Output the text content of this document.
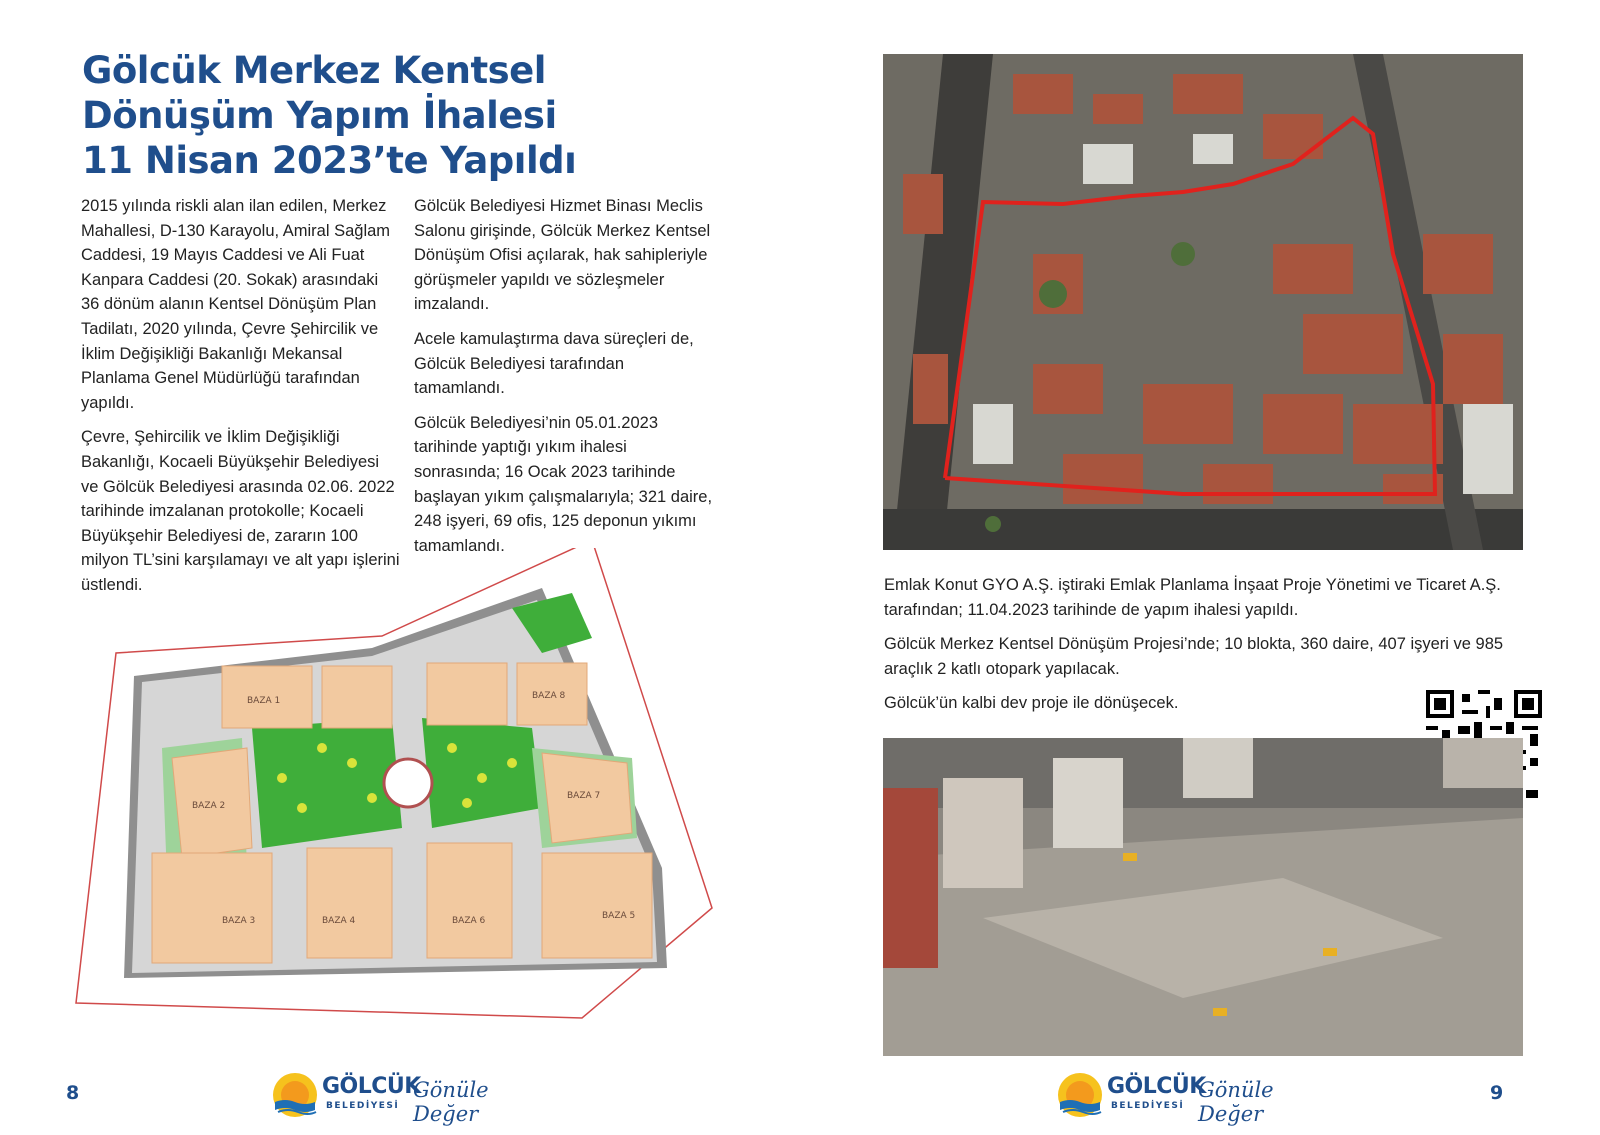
Gölcük Merkez Kentsel
Dönüşüm Yapım İhalesi
11 Nisan 2023’te Yapıldı

2015 yılında riskli alan ilan edilen, Merkez Mahallesi, D-130 Karayolu, Amiral Sağlam Caddesi, 19 Mayıs Caddesi ve Ali Fuat Kanpara Caddesi (20. Sokak) arasındaki 36 dönüm alanın Kentsel Dönüşüm Plan Tadilatı, 2020 yılında, Çevre Şehircilik ve İklim Değişikliği Bakanlığı Mekansal Planlama Genel Müdürlüğü tarafından yapıldı.

Çevre, Şehircilik ve İklim Değişikliği Bakanlığı, Kocaeli Büyükşehir Belediyesi ve Gölcük Belediyesi arasında 02.06. 2022 tarihinde imzalanan protokolle; Kocaeli Büyükşehir Belediyesi de, zararın 100 milyon TL’sini karşılamayı ve alt yapı işlerini üstlendi.

Gölcük Belediyesi Hizmet Binası Meclis Salonu girişinde, Gölcük Merkez Kentsel Dönüşüm Ofisi açılarak, hak sahipleriyle görüşmeler yapıldı ve sözleşmeler imzalandı.

Acele kamulaştırma dava süreçleri de, Gölcük Belediyesi tarafından tamamlandı.

Gölcük Belediyesi’nin 05.01.2023 tarihinde yaptığı yıkım ihalesi sonrasında; 16 Ocak 2023 tarihinde başlayan yıkım çalışmalarıyla; 321 daire, 248 işyeri, 69 ofis, 125 deponun yıkımı tamamlandı.

BAZA 1	BAZA 8
BAZA 2
BAZA 7
BAZA 3	BAZA 4	BAZA 5
BAZA 6
8	GÖLCÜK
BELEDİYESİ
Gönüle Değer

Emlak Konut GYO A.Ş. iştiraki Emlak Planlama İnşaat Proje Yönetimi ve Ticaret A.Ş. tarafından; 11.04.2023 tarihinde de yapım ihalesi yapıldı.

Gölcük Merkez Kentsel Dönüşüm Projesi’nde; 10 blokta, 360 daire, 407 işyeri ve 985 araçlık 2 katlı otopark yapılacak.

Gölcük’ün kalbi dev proje ile dönüşecek.

9
GÖLCÜK
BELEDİYESİ
Gönüle Değer
